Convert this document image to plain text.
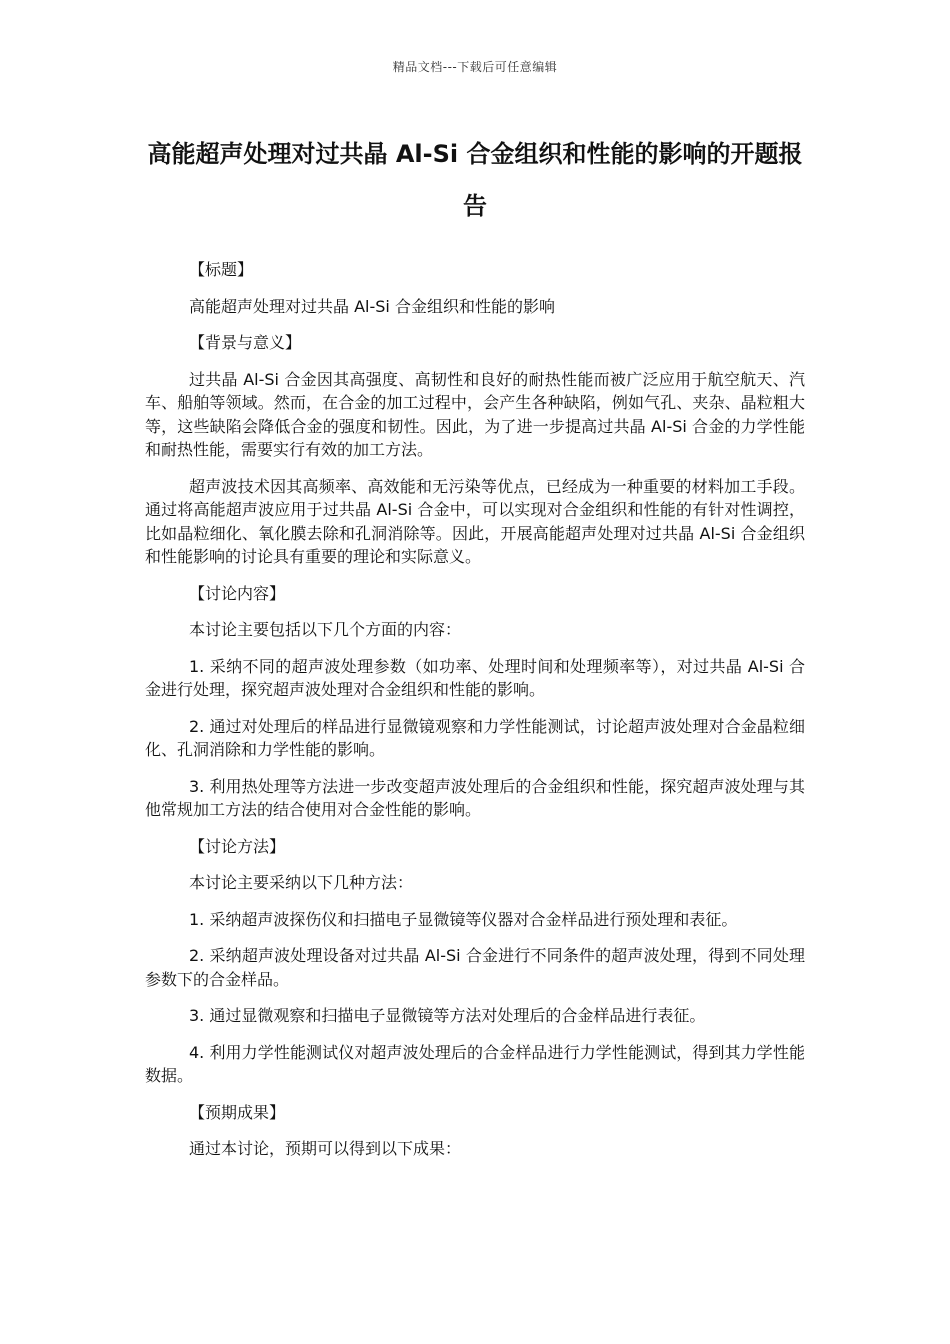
精品文档---下载后可任意编辑
高能超声处理对过共晶 Al-Si 合金组织和性能的影响的开题报告

【标题】

高能超声处理对过共晶 Al-Si 合金组织和性能的影响

【背景与意义】

过共晶 Al-Si 合金因其高强度、高韧性和良好的耐热性能而被广泛应用于航空航天、汽车、船舶等领域。然而，在合金的加工过程中，会产生各种缺陷，例如气孔、夹杂、晶粒粗大等，这些缺陷会降低合金的强度和韧性。因此，为了进一步提高过共晶 Al-Si 合金的力学性能和耐热性能，需要实行有效的加工方法。

超声波技术因其高频率、高效能和无污染等优点，已经成为一种重要的材料加工手段。通过将高能超声波应用于过共晶 Al-Si 合金中，可以实现对合金组织和性能的有针对性调控，比如晶粒细化、氧化膜去除和孔洞消除等。因此，开展高能超声处理对过共晶 Al-Si 合金组织和性能影响的讨论具有重要的理论和实际意义。

【讨论内容】

本讨论主要包括以下几个方面的内容：

1. 采纳不同的超声波处理参数（如功率、处理时间和处理频率等），对过共晶 Al-Si 合金进行处理，探究超声波处理对合金组织和性能的影响。

2. 通过对处理后的样品进行显微镜观察和力学性能测试，讨论超声波处理对合金晶粒细化、孔洞消除和力学性能的影响。

3. 利用热处理等方法进一步改变超声波处理后的合金组织和性能，探究超声波处理与其他常规加工方法的结合使用对合金性能的影响。

【讨论方法】

本讨论主要采纳以下几种方法：

1. 采纳超声波探伤仪和扫描电子显微镜等仪器对合金样品进行预处理和表征。

2. 采纳超声波处理设备对过共晶 Al-Si 合金进行不同条件的超声波处理，得到不同处理参数下的合金样品。

3. 通过显微观察和扫描电子显微镜等方法对处理后的合金样品进行表征。

4. 利用力学性能测试仪对超声波处理后的合金样品进行力学性能测试，得到其力学性能数据。

【预期成果】

通过本讨论，预期可以得到以下成果：
